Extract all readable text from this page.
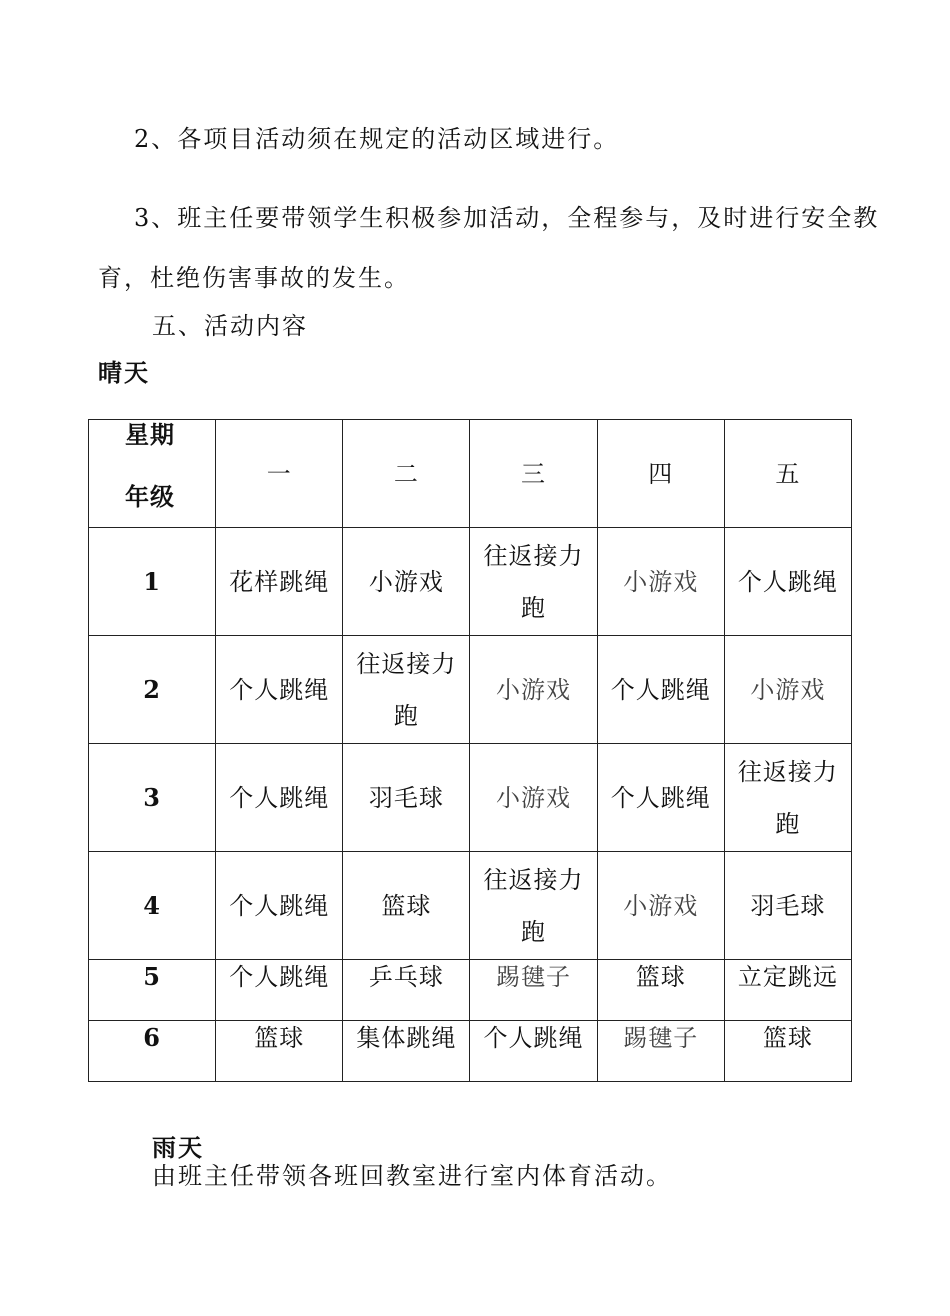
2、各项目活动须在规定的活动区域进行。

3、班主任要带领学生积极参加活动，全程参与，及时进行安全教

育，杜绝伤害事故的发生。

五、活动内容

晴天

星期
年级	一	二	三	四	五
1	花样跳绳	小游戏	往返接力跑	小游戏	个人跳绳
2	个人跳绳	往返接力跑	小游戏	个人跳绳	小游戏
3	个人跳绳	羽毛球	小游戏	个人跳绳	往返接力跑

4	个人跳绳	篮球	往返接力跑	小游戏	羽毛球
5	个人跳绳	乒乓球	踢毽子	篮球	立定跳远
6	篮球	集体跳绳	个人跳绳	踢毽子	篮球

雨天

由班主任带领各班回教室进行室内体育活动。
